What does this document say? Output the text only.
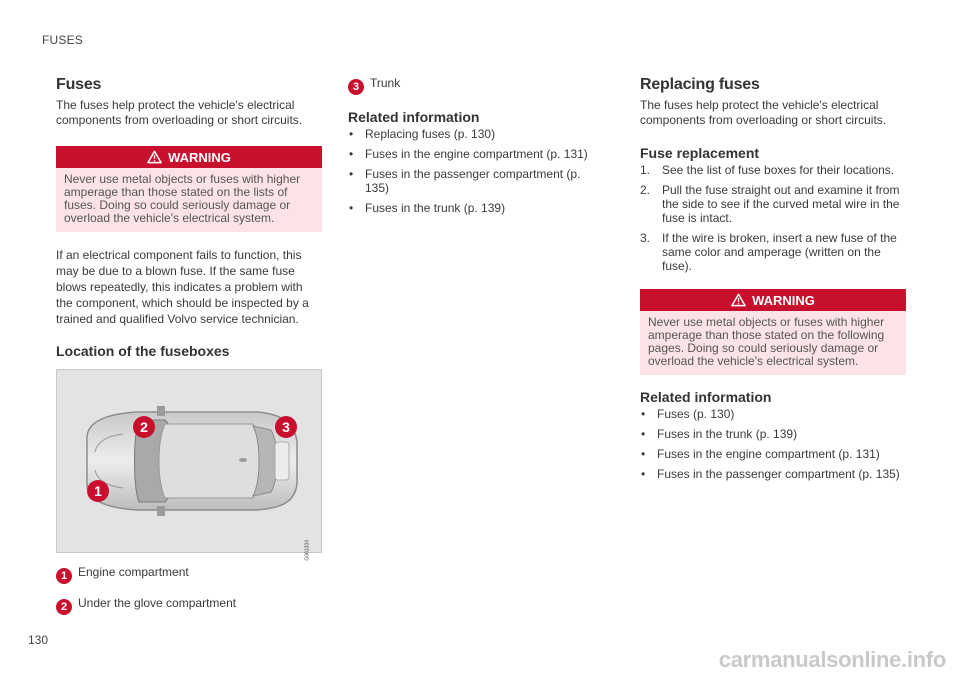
FUSES
Fuses

The fuses help protect the vehicle's electrical components from overloading or short circuits.

WARNING
Never use metal objects or fuses with higher amperage than those stated on the lists of fuses. Doing so could seriously damage or overload the vehicle's electrical system.

If an electrical component fails to function, this may be due to a blown fuse. If the same fuse blows repeatedly, this indicates a problem with the component, which should be inspected by a trained and qualified Volvo service technician.

Location of the fuseboxes
2	3
1
G061334
1 Engine compartment
2 Under the glove compartment
3 Trunk
Related information
• Replacing fuses (p. 130)
• Fuses in the engine compartment (p. 131)
• Fuses in the passenger compartment (p. 135)
• Fuses in the trunk (p. 139)
Replacing fuses

The fuses help protect the vehicle's electrical components from overloading or short circuits.

Fuse replacement
1. See the list of fuse boxes for their locations.
2. Pull the fuse straight out and examine it from the side to see if the curved metal wire in the fuse is intact.
3. If the wire is broken, insert a new fuse of the same color and amperage (written on the fuse).
WARNING
Never use metal objects or fuses with higher amperage than those stated on the following pages. Doing so could seriously damage or overload the vehicle's electrical system.
Related information
• Fuses (p. 130)
• Fuses in the trunk (p. 139)
• Fuses in the engine compartment (p. 131)
• Fuses in the passenger compartment (p. 135)
130
carmanualsonline.info
